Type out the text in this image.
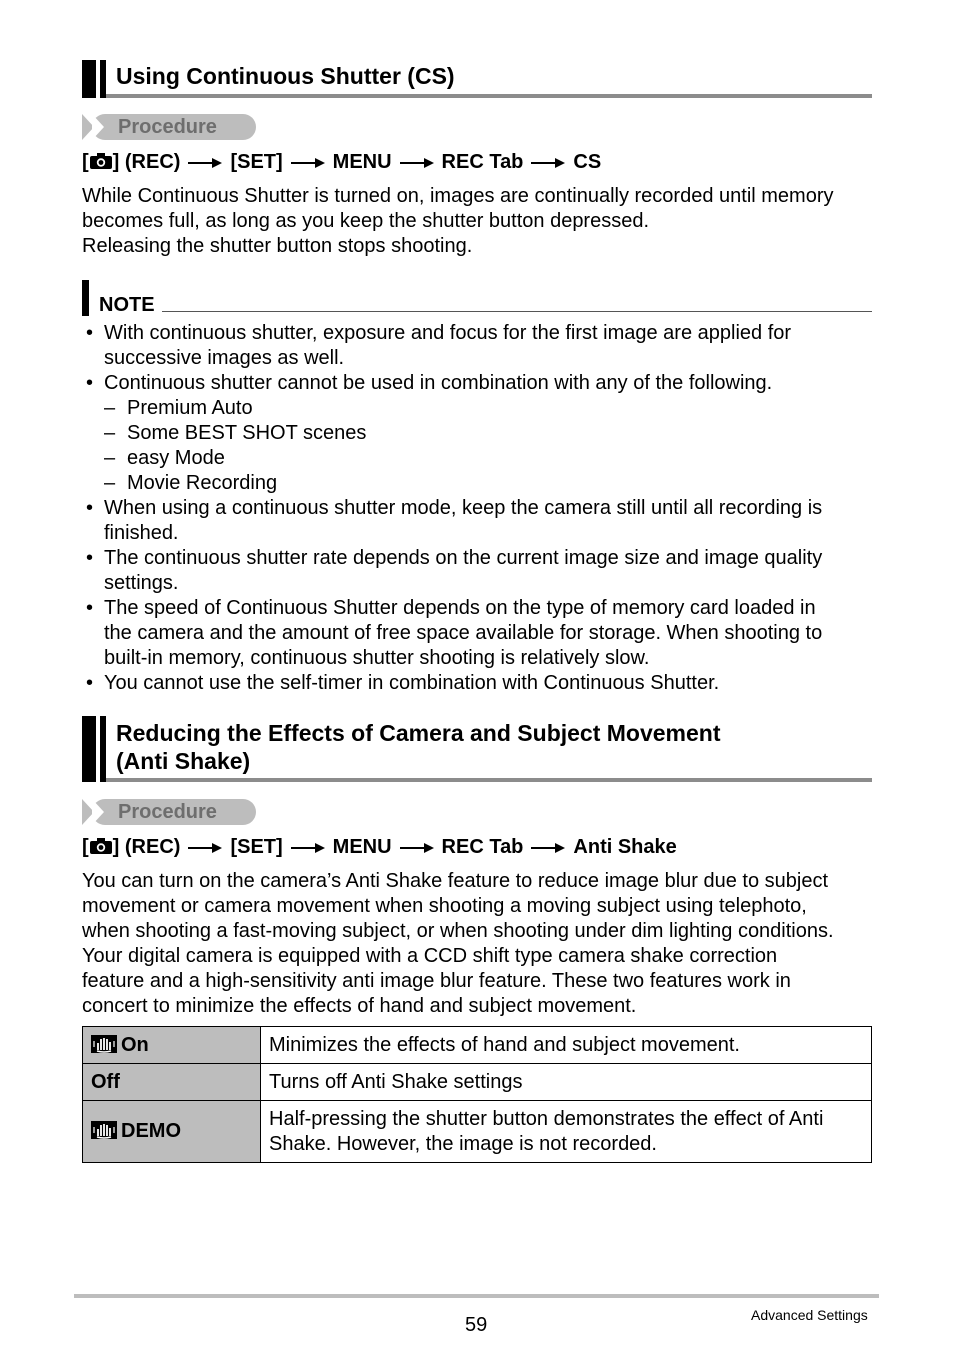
Using Continuous Shutter (CS)
Procedure
[ ] (REC)	[SET]	MENU	REC Tab	CS
While Continuous Shutter is turned on, images are continually recorded until memory
becomes full, as long as you keep the shutter button depressed.
Releasing the shutter button stops shooting.
NOTE
• With continuous shutter, exposure and focus for the first image are applied for
successive images as well.
• Continuous shutter cannot be used in combination with any of the following.
– Premium Auto
– Some BEST SHOT scenes
– easy Mode
– Movie Recording
• When using a continuous shutter mode, keep the camera still until all recording is
finished.
• The continuous shutter rate depends on the current image size and image quality
settings.
• The speed of Continuous Shutter depends on the type of memory card loaded in
the camera and the amount of free space available for storage. When shooting to
built-in memory, continuous shutter shooting is relatively slow.
• You cannot use the self-timer in combination with Continuous Shutter.
Reducing the Effects of Camera and Subject Movement
(Anti Shake)
Procedure
[ ] (REC)	[SET]	MENU	REC Tab	Anti Shake
You can turn on the camera’s Anti Shake feature to reduce image blur due to subject
movement or camera movement when shooting a moving subject using telephoto,
when shooting a fast-moving subject, or when shooting under dim lighting conditions.
Your digital camera is equipped with a CCD shift type camera shake correction
feature and a high-sensitivity anti image blur feature. These two features work in
concert to minimize the effects of hand and subject movement.
On	Minimizes the effects of hand and subject movement.

Off	Turns off Anti Shake settings

DEMO	Half-pressing the shutter button demonstrates the effect of Anti
Shake. However, the image is not recorded.
59	Advanced Settings
